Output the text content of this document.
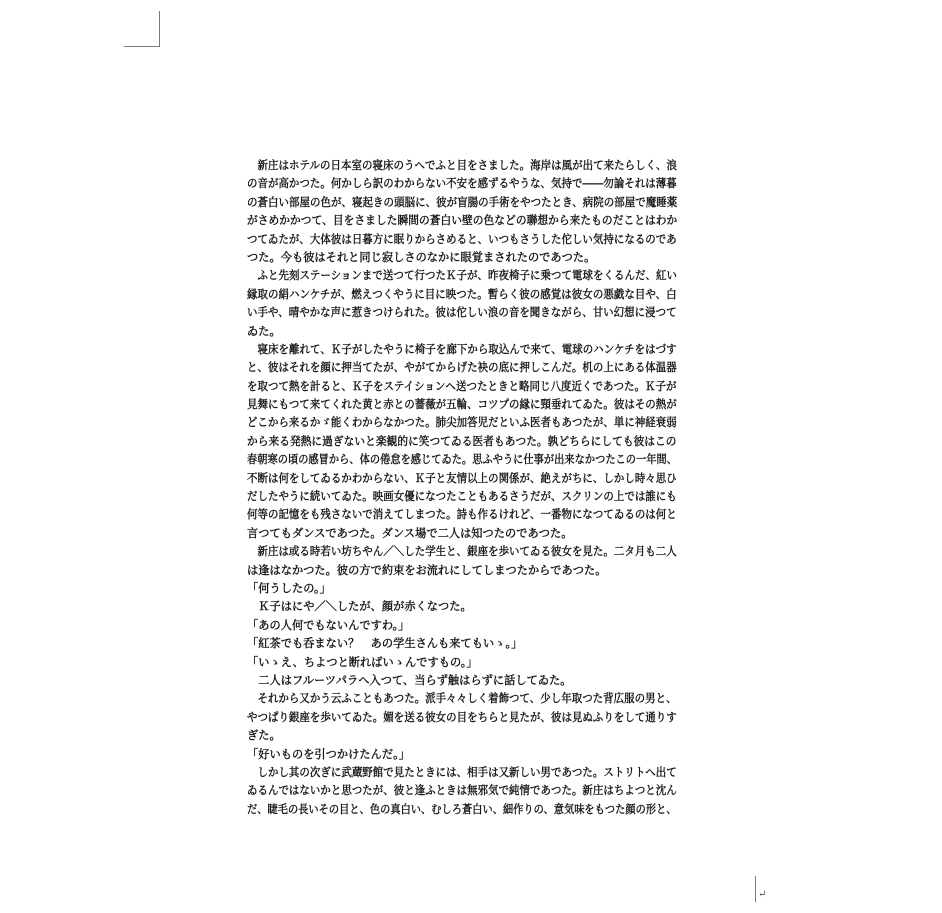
　新庄はホテルの日本室の寝床のうへでふと目をさました。海岸は風が出て来たらしく、浪
の音が高かつた。何かしら訳のわからない不安を感ずるやうな、気持で――勿論それは薄暮
の蒼白い部屋の色が、寝起きの頭脳に、彼が盲腸の手術をやつたとき、病院の部屋で魔睡薬
がさめかかつて、目をさました瞬間の蒼白い壁の色などの聯想から来たものだことはわか
つてゐたが、大体彼は日暮方に眠りからさめると、いつもさうした佗しい気持になるのであ
つた。今も彼はそれと同じ寂しさのなかに眼覚まされたのであつた。
　ふと先刻ステーションまで送つて行つたＫ子が、昨夜椅子に乗つて電球をくるんだ、紅い
縁取の絹ハンケチが、燃えつくやうに目に映つた。暫らく彼の感覚は彼女の悪戯な目や、白
い手や、晴やかな声に惹きつけられた。彼は佗しい浪の音を聞きながら、甘い幻想に浸つて
ゐた。
　寝床を離れて、Ｋ子がしたやうに椅子を廊下から取込んで来て、電球のハンケチをはづす
と、彼はそれを顔に押当てたが、やがてからげた袂の底に押しこんだ。机の上にある体温器
を取つて熱を計ると、Ｋ子をステイションへ送つたときと略同じ八度近くであつた。Ｋ子が
見舞にもつて来てくれた黄と赤との薔薇が五輪、コツプの縁に頸垂れてゐた。彼はその熱が
どこから来るかゞ能くわからなかつた。肺尖加答児だといふ医者もあつたが、単に神経衰弱
から来る発熱に過ぎないと楽観的に笑つてゐる医者もあつた。孰どちらにしても彼はこの
春朝寒の頃の感冒から、体の倦怠を感じてゐた。思ふやうに仕事が出来なかつたこの一年間、
不断は何をしてゐるかわからない、Ｋ子と友情以上の関係が、絶えがちに、しかし時々思ひ
だしたやうに続いてゐた。映画女優になつたこともあるさうだが、スクリンの上では誰にも
何等の記憶をも残さないで消えてしまつた。詩も作るけれど、一番物になつてゐるのは何と
言つてもダンスであつた。ダンス場で二人は知つたのであつた。
　新庄は或る時若い坊ちやん／＼した学生と、銀座を歩いてゐる彼女を見た。二タ月も二人
は逢はなかつた。彼の方で約束をお流れにしてしまつたからであつた。
「何うしたの。」
　Ｋ子はにや／＼したが、顔が赤くなつた。
「あの人何でもないんですわ。」
「紅茶でも呑まない？　あの学生さんも来てもいゝ。」
「いゝえ、ちよつと断ればいゝんですもの。」
　二人はフルーツパラへ入つて、当らず触はらずに話してゐた。
　それから又かう云ふこともあつた。派手々々しく着飾つて、少し年取つた背広服の男と、
やつぱり銀座を歩いてゐた。媚を送る彼女の目をちらと見たが、彼は見ぬふりをして通りす
ぎた。
「好いものを引つかけたんだ。」
　しかし其の次ぎに武蔵野館で見たときには、相手は又新しい男であつた。ストリトへ出て
ゐるんではないかと思つたが、彼と逢ふときは無邪気で純情であつた。新庄はちよつと沈ん
だ、睫毛の長いその目と、色の真白い、むしろ蒼白い、細作りの、意気味をもつた顔の形と、
↵
